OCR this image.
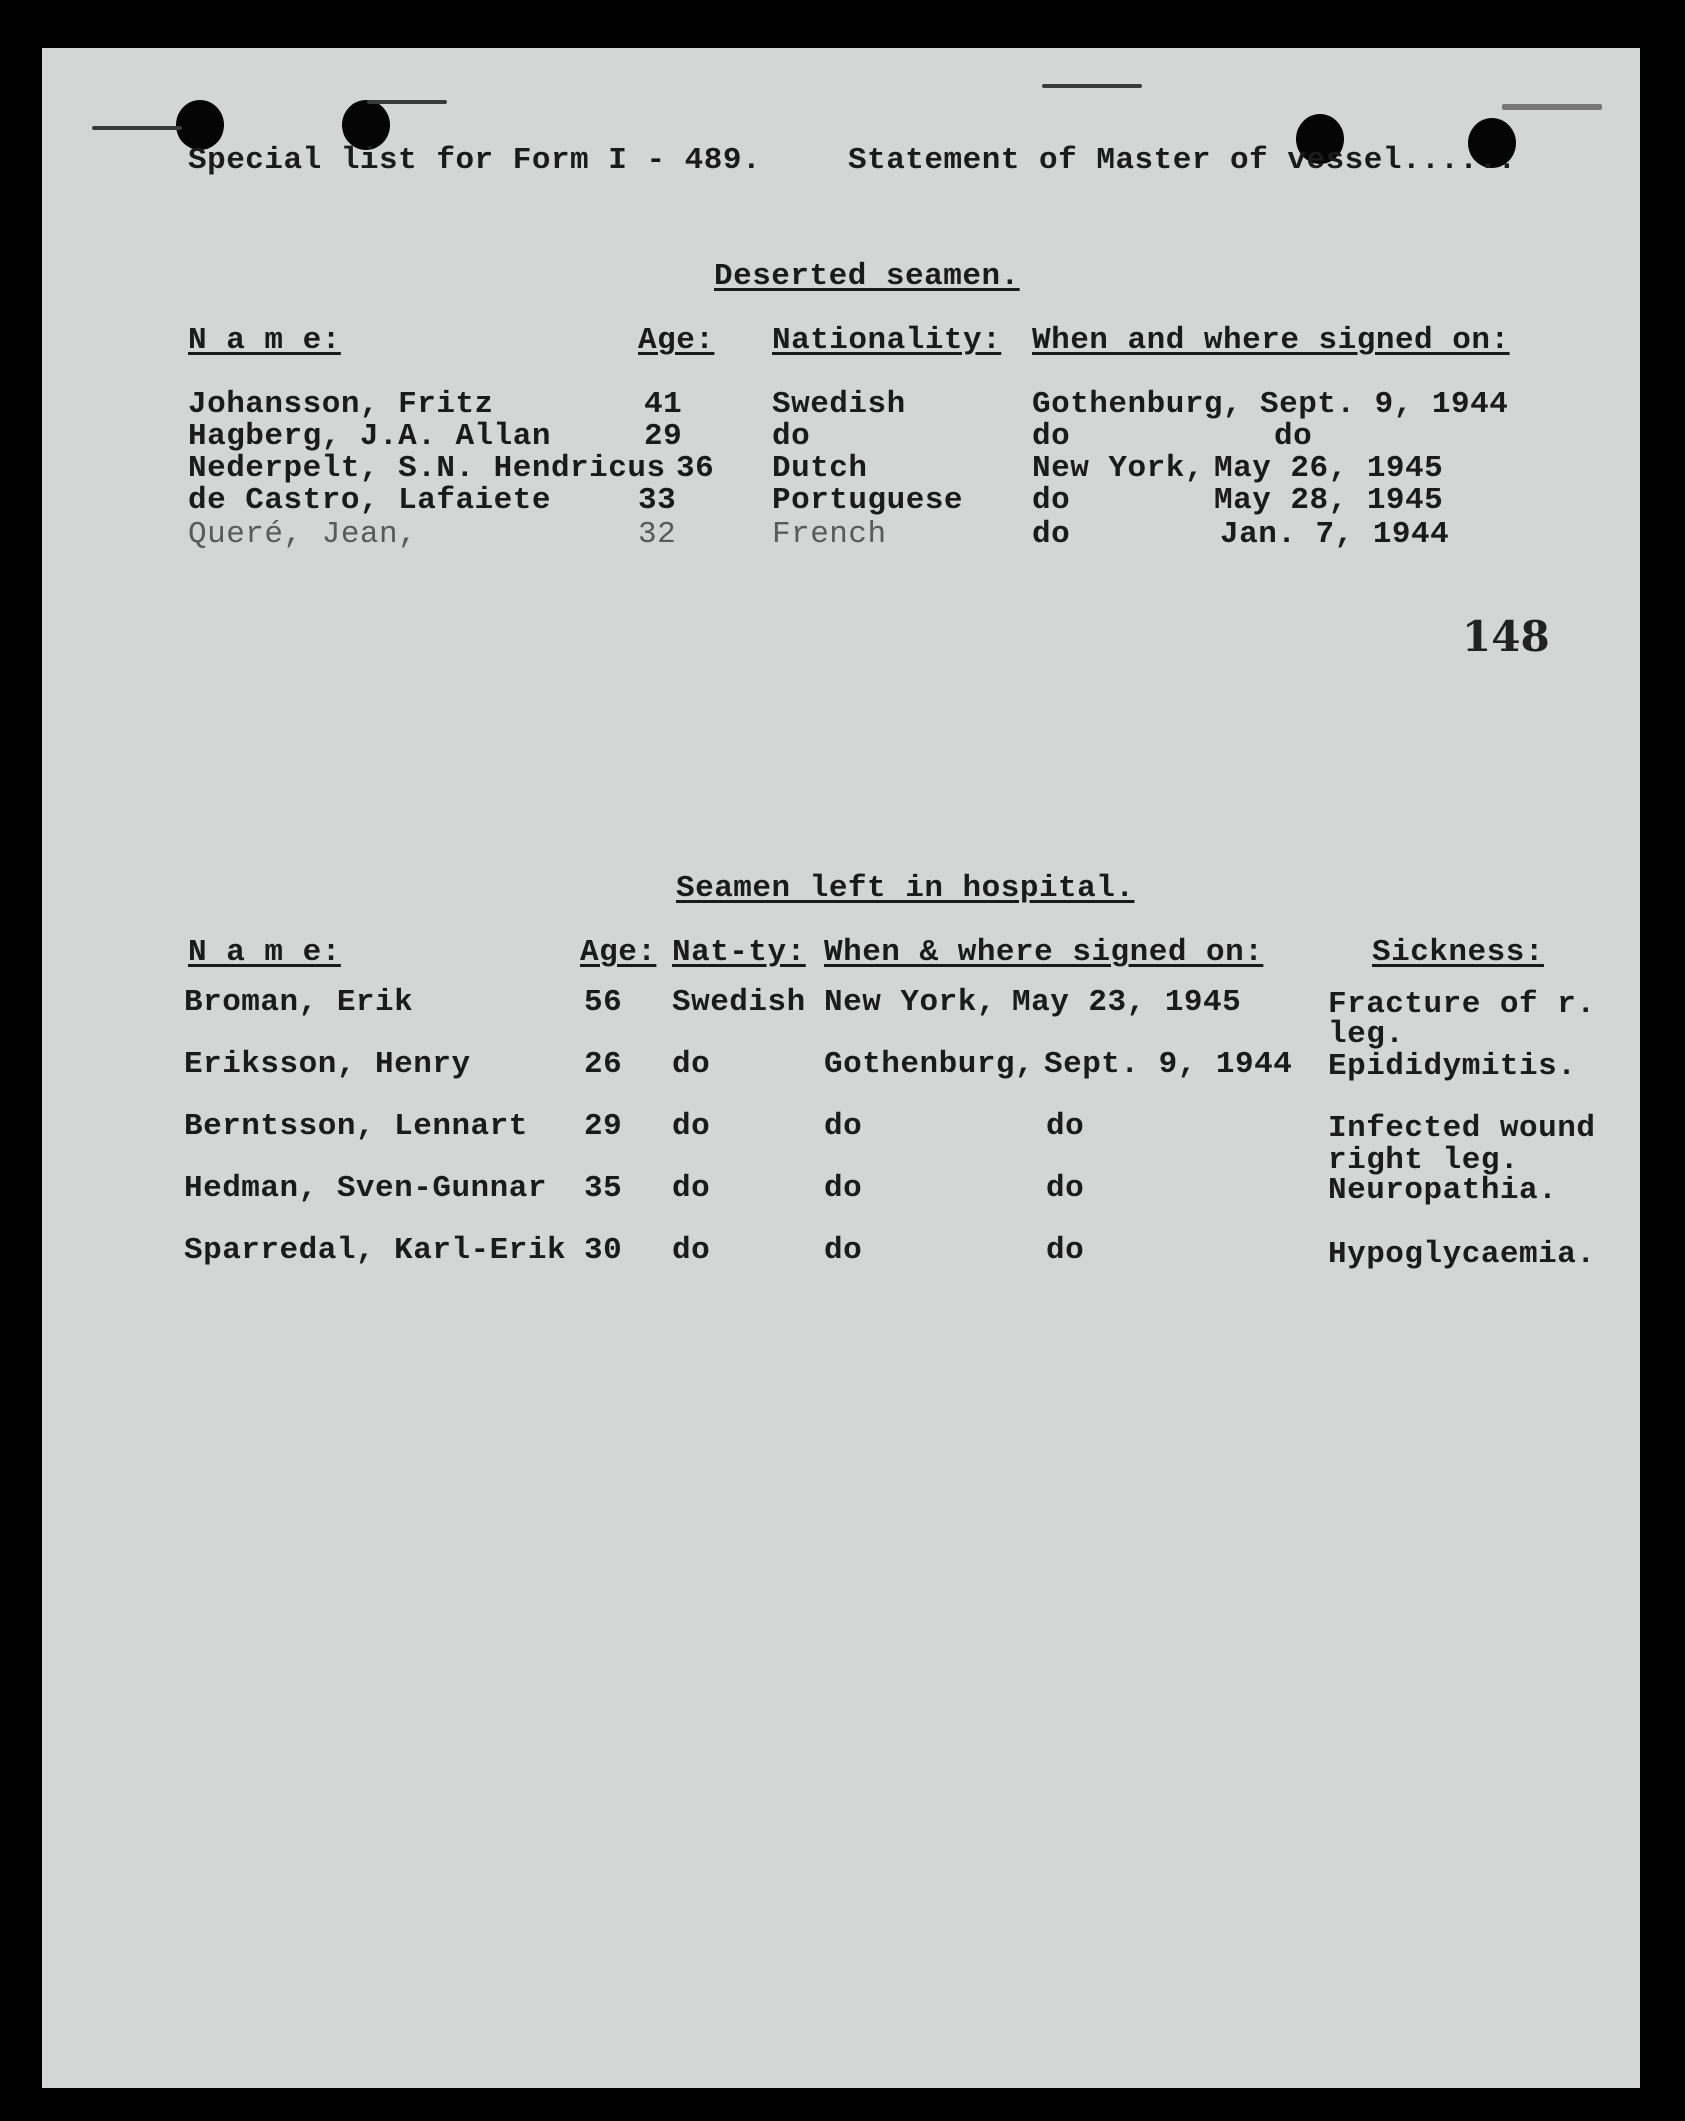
Special list for Form I - 489.	Statement of Master of vessel......
Deserted seamen.
N a m e:	Age: Nationality: When and where signed on:
Johansson, Fritz	41	Swedish	Gothenburg, Sept. 9, 1944
Hagberg, J.A. Allan	29	do	do	do
Nederpelt, S.N. Hendricus 36 Dutch	New York, May 26, 1945
de Castro, Lafaiete	33	Portuguese do	May 28, 1945
Queré, Jean,	32	French	do	Jan. 7, 1944
148
Seamen left in hospital.
N a m e:	Age: Nat-ty: When & where signed on:	Sickness:
Broman, Erik	56 Swedish New York, May 23, 1945	Fracture of r.
leg.
Eriksson, Henry	26 do	Gothenburg, Sept. 9, 1944 Epididymitis.
Berntsson, Lennart 29 do	do	do	Infected wound
right leg.
Hedman, Sven-Gunnar 35 do	do	do	Neuropathia.
Sparredal, Karl-Erik 30 do	do	do	Hypoglycaemia.
